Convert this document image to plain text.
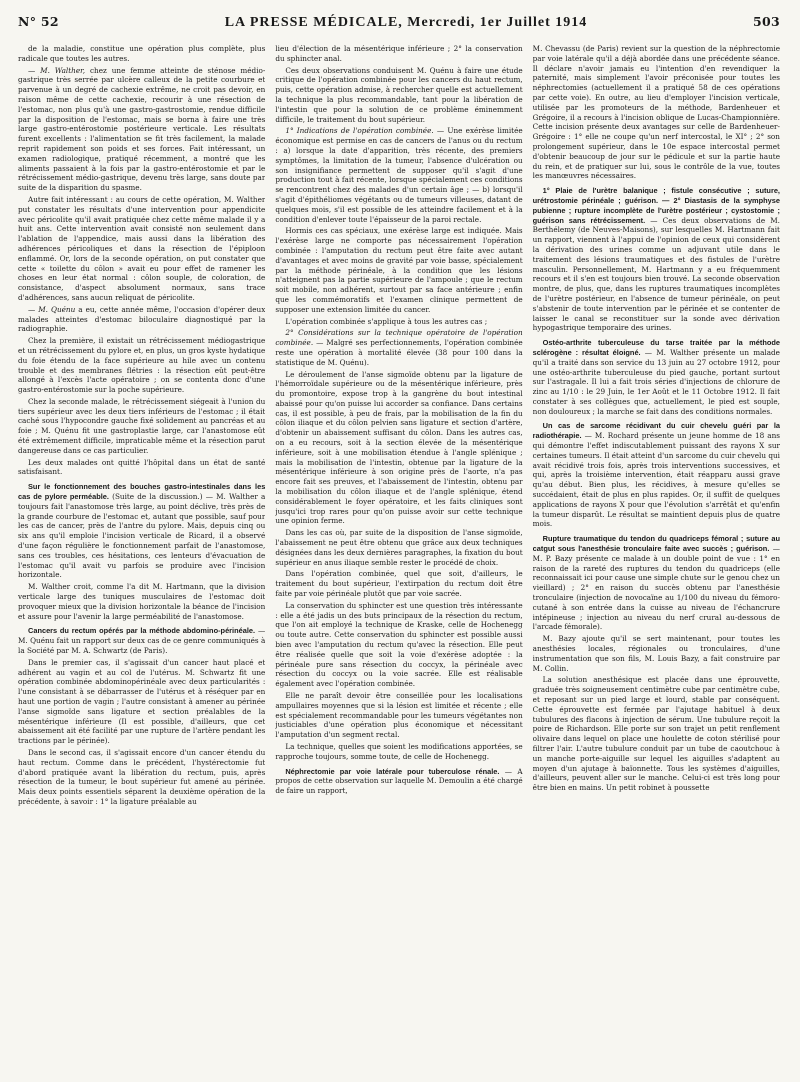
N° 52	LA PRESSE MÉDICALE, Mercredi, 1er Juillet 1914	503

de la maladie, constitue une opération plus complète, plus radicale que toutes les autres.

— M. Walther, chez une femme atteinte de sténose médio-gastrique très serrée par ulcère calleux de la petite courbure et parvenue à un degré de cachexie extrême, ne croit pas devoir, en raison même de cette cachexie, recourir à une résection de l'estomac, non plus qu'à une gastro-gastrostomie, rendue difficile par la disposition de l'estomac, mais se borna à faire une très large gastro-entérostomie postérieure verticale. Les résultats furent excellents : l'alimentation se fit très facilement, la malade reprit rapidement son poids et ses forces. Fait intéressant, un examen radiologique, pratiqué récemment, a montré que les aliments passaient à la fois par la gastro-entérostomie et par le rétrécissement médio-gastrique, devenu très large, sans doute par suite de la disparition du spasme.

Autre fait intéressant : au cours de cette opération, M. Walther put constater les résultats d'une intervention pour appendicite avec péricolite qu'il avait pratiquée chez cette même malade il y a huit ans. Cette intervention avait consisté non seulement dans l'ablation de l'appendice, mais aussi dans la libération des adhérences péricoliques et dans la résection de l'épiploon enflammé. Or, lors de la seconde opération, on put constater que cette « toilette du côlon » avait eu pour effet de ramener les choses en leur état normal : côlon souple, de coloration, de consistance, d'aspect absolument normaux, sans trace d'adhérences, sans aucun reliquat de péricolite.

— M. Quénu a eu, cette année même, l'occasion d'opérer deux malades atteintes d'estomac biloculaire diagnostiqué par la radiographie.

Chez la première, il existait un rétrécissement médiogastrique et un rétrécissement du pylore et, en plus, un gros kyste hydatique du foie étendu de la face supérieure au hile avec un contenu trouble et des membranes flétries : la résection eût peut-être allongé à l'excès l'acte opératoire ; on se contenta donc d'une gastro-entérostomie sur la poche supérieure.

Chez la seconde malade, le rétrécissement siégeait à l'union du tiers supérieur avec les deux tiers inférieurs de l'estomac ; il était caché sous l'hypocondre gauche fixé solidement au pancréas et au foie ; M. Quénu fit une gastroplastie large, car l'anastomose eût été extrêmement difficile, impraticable même et la résection parut dangereuse dans ce cas particulier.

Les deux malades ont quitté l'hôpital dans un état de santé satisfaisant.

Sur le fonctionnement des bouches gastro-intestinales dans les cas de pylore perméable. (Suite de la discussion.) — M. Walther a toujours fait l'anastomose très large, au point déclive, très près de la grande courbure de l'estomac et, autant que possible, sauf pour les cas de cancer, près de l'antre du pylore. Mais, depuis cinq ou six ans qu'il emploie l'incision verticale de Ricard, il a observé d'une façon régulière le fonctionnement parfait de l'anastomose, sans ces troubles, ces hésitations, ces lenteurs d'évacuation de l'estomac qu'il avait vu parfois se produire avec l'incision horizontale.

M. Walther croit, comme l'a dit M. Hartmann, que la division verticale large des tuniques musculaires de l'estomac doit provoquer mieux que la division horizontale la béance de l'incision et assure pour l'avenir la large perméabilité de l'anastomose.

Cancers du rectum opérés par la méthode abdomino-périnéale. — M. Quénu fait un rapport sur deux cas de ce genre communiqués à la Société par M. A. Schwartz (de Paris).

Dans le premier cas, il s'agissait d'un cancer haut placé et adhérent au vagin et au col de l'utérus. M. Schwartz fit une opération combinée abdominopérinéale avec deux particularités : l'une consistant à se débarrasser de l'utérus et à réséquer par en haut une portion de vagin ; l'autre consistant à amener au périnée l'anse sigmoïde sans ligature et section préalables de la mésentérique inférieure (Il est possible, d'ailleurs, que cet abaissement ait été facilité par une rupture de l'artère pendant les tractions par le périnée).

Dans le second cas, il s'agissait encore d'un cancer étendu du haut rectum. Comme dans le précédent, l'hystérectomie fut d'abord pratiquée avant la libération du rectum, puis, après résection de la tumeur, le bout supérieur fut amené au périnée. Mais deux points essentiels séparent la deuxième opération de la précédente, à savoir : 1° la ligature préalable au

lieu d'élection de la mésentérique inférieure ; 2° la conservation du sphincter anal.

Ces deux observations conduisent M. Quénu à faire une étude critique de l'opération combinée pour les cancers du haut rectum, puis, cette opération admise, à rechercher quelle est actuellement la technique la plus recommandable, tant pour la libération de l'intestin que pour la solution de ce problème éminemment difficile, le traitement du bout supérieur.

1° Indications de l'opération combinée. — Une exérèse limitée économique est permise en cas de cancers de l'anus ou du rectum : a) lorsque la date d'apparition, très récente, des premiers symptômes, la limitation de la tumeur, l'absence d'ulcération ou son insignifiance permettent de supposer qu'il s'agit d'une production tout à fait récente, lorsque spécialement ces conditions se rencontrent chez des malades d'un certain âge ; — b) lorsqu'il s'agit d'épithéliomes végétants ou de tumeurs villeuses, datant de quelques mois, s'il est possible de les atteindre facilement et à la condition d'enlever toute l'épaisseur de la paroi rectale.

Hormis ces cas spéciaux, une exérèse large est indiquée. Mais l'exérèse large ne comporte pas nécessairement l'opération combinée : l'amputation du rectum peut être faite avec autant d'avantages et avec moins de gravité par voie basse, spécialement par la méthode périnéale, à la condition que les lésions n'atteignent pas la partie supérieure de l'ampoule ; que le rectum soit mobile, non adhérent, surtout par sa face antérieure ; enfin que les commémoratifs et l'examen clinique permettent de supposer une extension limitée du cancer.

L'opération combinée s'applique à tous les autres cas ;

2° Considérations sur la technique opératoire de l'opération combinée. — Malgré ses perfectionnements, l'opération combinée reste une opération à mortalité élevée (38 pour 100 dans la statistique de M. Quénu).

Le déroulement de l'anse sigmoïde obtenu par la ligature de l'hémorroïdale supérieure ou de la mésentérique inférieure, près du promontoire, expose trop à la gangrène du bout intestinal abaissé pour qu'on puisse lui accorder sa confiance. Dans certains cas, il est possible, à peu de frais, par la mobilisation de la fin du côlon iliaque et du côlon pelvien sans ligature et section d'artère, d'obtenir un abaissement suffisant du côlon. Dans les autres cas, on a eu recours, soit à la section élevée de la mésentérique inférieure, soit à une mobilisation étendue à l'angle splénique ; mais la mobilisation de l'intestin, obtenue par la ligature de la mésentérique inférieure à son origine près de l'aorte, n'a pas encore fait ses preuves, et l'abaissement de l'intestin, obtenu par la mobilisation du côlon iliaque et de l'angle splénique, étend considérablement le foyer opératoire, et les faits cliniques sont jusqu'ici trop rares pour qu'on puisse avoir sur cette technique une opinion ferme.

Dans les cas où, par suite de la disposition de l'anse sigmoïde, l'abaissement ne peut être obtenu que grâce aux deux techniques désignées dans les deux dernières paragraphes, la fixation du bout supérieur en anus iliaque semble rester le procédé de choix.

Dans l'opération combinée, quel que soit, d'ailleurs, le traitement du bout supérieur, l'extirpation du rectum doit être faite par voie périnéale plutôt que par voie sacrée.

La conservation du sphincter est une question très intéressante : elle a été jadis un des buts principaux de la résection du rectum, que l'on ait employé la technique de Kraske, celle de Hochenegg ou toute autre. Cette conservation du sphincter est possible aussi bien avec l'amputation du rectum qu'avec la résection. Elle peut être réalisée quelle que soit la voie d'exérèse adoptée : la périnéale pure sans résection du coccyx, la périnéale avec résection du coccyx ou la voie sacrée. Elle est réalisable également avec l'opération combinée.

Elle ne paraît devoir être conseillée pour les localisations ampullaires moyennes que si la lésion est limitée et récente ; elle est spécialement recommandable pour les tumeurs végétantes non justiciables d'une opération plus économique et nécessitant l'amputation d'un segment rectal.

La technique, quelles que soient les modifications apportées, se rapproche toujours, somme toute, de celle de Hochenegg.

Néphrectomie par voie latérale pour tuberculose rénale. — A propos de cette observation sur laquelle M. Demoulin a été chargé de faire un rapport,

M. Chevassu (de Paris) revient sur la question de la néphrectomie par voie latérale qu'il a déjà abordée dans une précédente séance. Il déclare n'avoir jamais eu l'intention d'en revendiquer la paternité, mais simplement l'avoir préconisée pour toutes les néphrectomies (actuellement il a pratiqué 58 de ces opérations par cette voie). En outre, au lieu d'employer l'incision verticale, utilisée par les promoteurs de la méthode, Bardenheuer et Grégoire, il a recours à l'incision oblique de Lucas-Championnière. Cette incision présente deux avantages sur celle de Bardenheuer-Grégoire : 1° elle ne coupe qu'un nerf intercostal, le XI° ; 2° son prolongement supérieur, dans le 10e espace intercostal permet d'obtenir beaucoup de jour sur le pédicule et sur la partie haute du rein, et de pratiquer sur lui, sous le contrôle de la vue, toutes les manœuvres nécessaires.

1° Plaie de l'urètre balanique ; fistule consécutive ; suture, urétrostomie périnéale ; guérison. — 2° Diastasis de la symphyse pubienne ; rupture incomplète de l'urètre postérieur ; cystostomie ; guérison sans rétrécissement. — Ces deux observations de M. Berthélemy (de Neuves-Maisons), sur lesquelles M. Hartmann fait un rapport, viennent à l'appui de l'opinion de ceux qui considèrent la dérivation des urines comme un adjuvant utile dans le traitement des lésions traumatiques et des fistules de l'urètre masculin. Personnellement, M. Hartmann y a eu fréquemment recours et il s'en est toujours bien trouvé. La seconde observation montre, de plus, que, dans les ruptures traumatiques incomplètes de l'urètre postérieur, en l'absence de tumeur périnéale, on peut s'abstenir de toute intervention par le périnée et se contenter de laisser le canal se reconstituer sur la sonde avec dérivation hypogastrique temporaire des urines.

Ostéo-arthrite tuberculeuse du tarse traitée par la méthode sclérogène : résultat éloigné. — M. Walther présente un malade qu'il a traité dans son service du 13 juin au 27 octobre 1912, pour une ostéo-arthrite tuberculeuse du pied gauche, portant surtout sur l'astragale. Il lui a fait trois séries d'injections de chlorure de zinc au 1/10 : le 29 Juin, le 1er Août et le 11 Octobre 1912. Il fait constater à ses collègues que, actuellement, le pied est souple, non douloureux ; la marche se fait dans des conditions normales.

Un cas de sarcome récidivant du cuir chevelu guéri par la radiothérapie. — M. Rochard présente un jeune homme de 18 ans qui démontre l'effet indiscutablement puissant des rayons X sur certaines tumeurs. Il était atteint d'un sarcome du cuir chevelu qui avait récidivé trois fois, après trois interventions successives, et qui, après la troisième intervention, était réapparu aussi grave qu'au début. Bien plus, les récidives, à mesure qu'elles se succédaient, était de plus en plus rapides. Or, il suffit de quelques applications de rayons X pour que l'évolution s'arrêtât et qu'enfin la tumeur disparût. Le résultat se maintient depuis plus de quatre mois.

Rupture traumatique du tendon du quadriceps fémoral ; suture au catgut sous l'anesthésie tronculaire faite avec succès ; guérison. — M. P. Bazy présente ce malade à un double point de vue : 1° en raison de la rareté des ruptures du tendon du quadriceps (elle reconnaissait ici pour cause une simple chute sur le genou chez un vieillard) ; 2° en raison du succès obtenu par l'anesthésie tronculaire (injection de novocaïne au 1/100 du niveau du fémoro-cutané à son entrée dans la cuisse au niveau de l'échancrure intépineuse ; injection au niveau du nerf crural au-dessous de l'arcade fémorale).

M. Bazy ajoute qu'il se sert maintenant, pour toutes les anesthésies locales, régionales ou tronculaires, d'une instrumentation que son fils, M. Louis Bazy, a fait construire par M. Collin.

La solution anesthésique est placée dans une éprouvette, graduée très soigneusement centimètre cube par centimètre cube, et reposant sur un pied large et lourd, stable par conséquent. Cette éprouvette est fermée par l'ajutage habituel à deux tubulures des flacons à injection de sérum. Une tubulure reçoit la poire de Richardson. Elle porte sur son trajet un petit renflement olivaire dans lequel on place une houlette de coton stérilisé pour filtrer l'air. L'autre tubulure conduit par un tube de caoutchouc à un manche porte-aiguille sur lequel les aiguilles s'adaptent au moyen d'un ajutage à baïonnette. Tous les systèmes d'aiguilles, d'ailleurs, peuvent aller sur le manche. Celui-ci est très long pour être bien en mains. Un petit robinet à poussette
